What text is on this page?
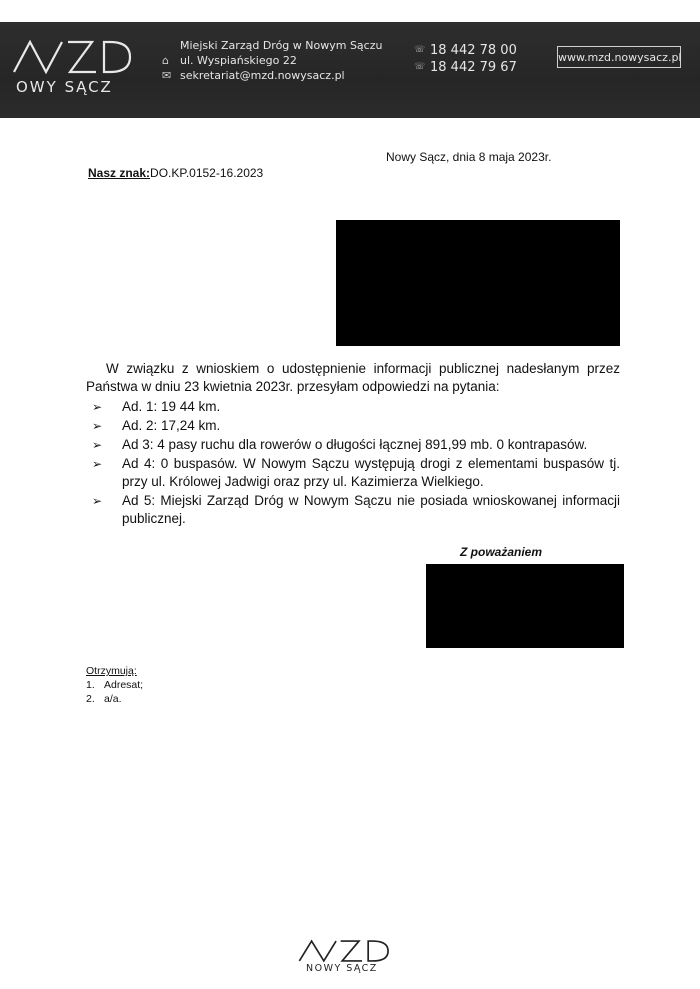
OWY SĄCZ
Miejski Zarząd Dróg w Nowym Sączu
⌂	ul. Wyspiańskiego 22
✉ sekretariat@mzd.nowysacz.pl
☏ 18 442 78 00
☏ 18 442 79 67
www.mzd.nowysacz.pl
Nowy Sącz, dnia 8 maja 2023r.
Nasz znak:DO.KP.0152-16.2023

W związku z wnioskiem o udostępnienie informacji publicznej nadesłanym przez Państwa w dniu 23 kwietnia 2023r. przesyłam odpowiedzi na pytania:

➢ Ad. 1: 19 44 km.
➢ Ad. 2: 17,24 km.
➢ Ad 3: 4 pasy ruchu dla rowerów o długości łącznej 891,99 mb. 0 kontrapasów.
➢ Ad 4: 0 buspasów. W Nowym Sączu występują drogi z elementami buspasów tj. przy ul. Królowej Jadwigi oraz przy ul. Kazimierza Wielkiego.
➢ Ad 5: Miejski Zarząd Dróg w Nowym Sączu nie posiada wnioskowanej informacji publicznej.
Z poważaniem
Otrzymują:
1. Adresat;
2. a/a.
NOWY SĄCZ
